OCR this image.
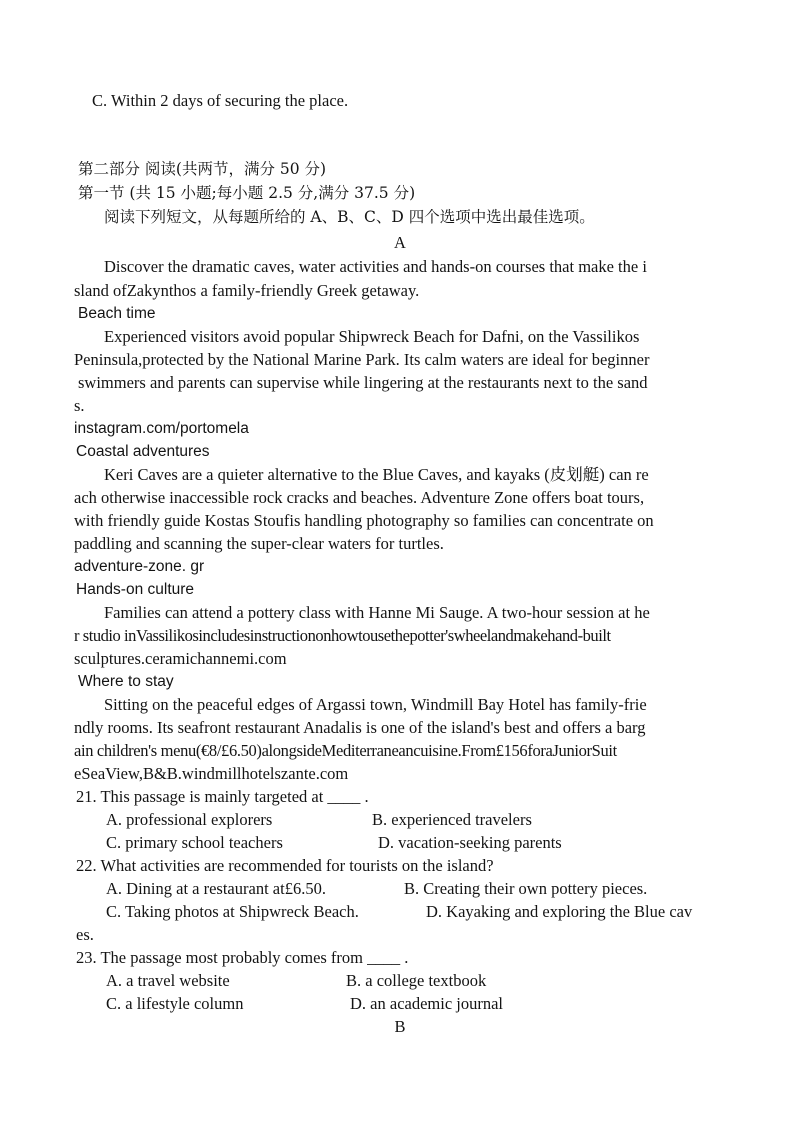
C. Within 2 days of securing the place.
第二部分 阅读(共两节，满分 50 分)
第一节 (共 15 小题;每小题 2.5 分,满分 37.5 分)
阅读下列短文，从每题所给的 A、B、C、D 四个选项中选出最佳选项。
A
Discover the dramatic caves, water activities and hands-on courses that make the i
sland ofZakynthos a family-friendly Greek getaway.
Beach time
Experienced visitors avoid popular Shipwreck Beach for Dafni, on the Vassilikos
Peninsula,protected by the National Marine Park. Its calm waters are ideal for beginner
swimmers and parents can supervise while lingering at the restaurants next to the sand
s.
instagram.com/portomela
Coastal adventures
Keri Caves are a quieter alternative to the Blue Caves, and kayaks (皮划艇) can re
ach otherwise inaccessible rock cracks and beaches. Adventure Zone offers boat tours,
with friendly guide Kostas Stoufis handling photography so families can concentrate on
paddling and scanning the super-clear waters for turtles.
adventure-zone. gr
Hands-on culture
Families can attend a pottery class with Hanne Mi Sauge. A two-hour session at he
r studio inVassilikosincludesinstructiononhowtousethepotter'swheelandmakehand-built
sculptures.ceramichannemi.com
Where to stay
Sitting on the peaceful edges of Argassi town, Windmill Bay Hotel has family-frie
ndly rooms. Its seafront restaurant Anadalis is one of the island's best and offers a barg
ain children's menu(€8/£6.50)alongsideMediterraneancuisine.From£156foraJuniorSuit
eSeaView,B&B.windmillhotelszante.com
21. This passage is mainly targeted at ____ .
A. professional explorers	B. experienced travelers
C. primary school teachers	D. vacation-seeking parents
22. What activities are recommended for tourists on the island?
A. Dining at a restaurant at£6.50.	B. Creating their own pottery pieces.
C. Taking photos at Shipwreck Beach.	D. Kayaking and exploring the Blue cav
es.
23. The passage most probably comes from ____ .
A. a travel website	B. a college textbook
C. a lifestyle column	D. an academic journal
B
